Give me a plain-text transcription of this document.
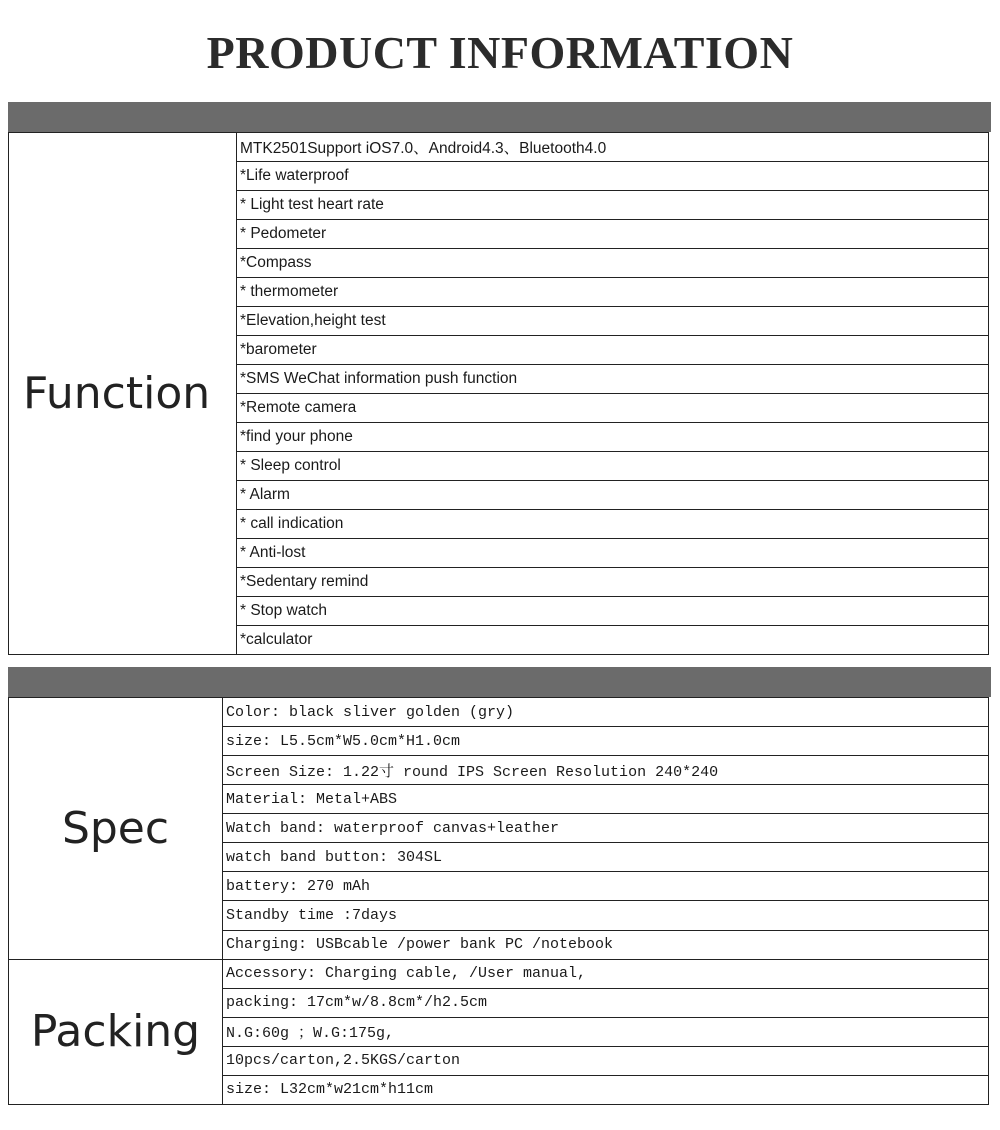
PRODUCT INFORMATION
Function	MTK2501Support iOS7.0、Android4.3、Bluetooth4.0
*Life waterproof
* Light test heart rate
* Pedometer
*Compass
* thermometer
*Elevation,height test
*barometer
*SMS WeChat information push function
*Remote camera
*find your phone
* Sleep control
* Alarm
* call indication
* Anti-lost
*Sedentary remind
* Stop watch
*calculator
Spec	Color: black sliver golden (gry)
	size: L5.5cm*W5.0cm*H1.0cm
	Screen Size: 1.22寸 round IPS Screen Resolution 240*240
	Material: Metal+ABS
	Watch band: waterproof canvas+leather
	watch band button: 304SL
	battery: 270 mAh
	Standby time :7days
	Charging: USBcable /power bank PC /notebook
Packing	Accessory: Charging cable, /User manual,
	packing: 17cm*w/8.8cm*/h2.5cm
	N.G:60g ；W.G:175g,
	10pcs/carton,2.5KGS/carton
	size: L32cm*w21cm*h11cm
